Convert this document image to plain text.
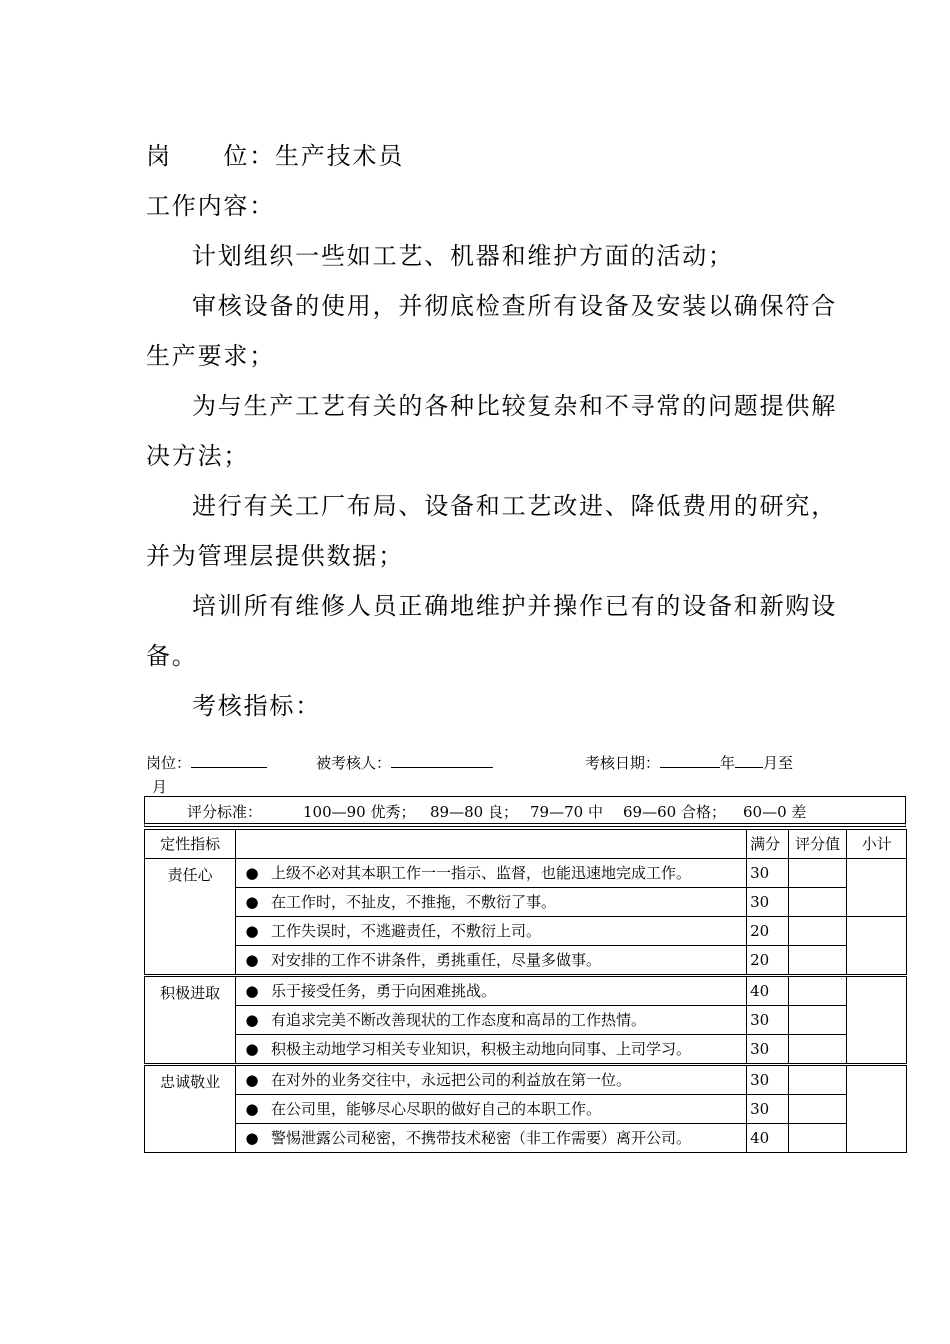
岗　　位：生产技术员
工作内容：
计划组织一些如工艺、机器和维护方面的活动；
审核设备的使用，并彻底检查所有设备及安装以确保符合
生产要求；
为与生产工艺有关的各种比较复杂和不寻常的问题提供解
决方法；
进行有关工厂布局、设备和工艺改进、降低费用的研究，
并为管理层提供数据；
培训所有维修人员正确地维护并操作已有的设备和新购设
备。
考核指标：
岗位：	被考核人：	考核日期：	年 月至
月
评分标准：	100—90 优秀； 89—80 良； 79—70 中 69—60 合格； 60—0 差
定性指标			满分	评分值	小计
责任心	●	上级不必对其本职工作一一指示、监督，也能迅速地完成工作。	30		
	●	在工作时，不扯皮，不推拖，不敷衍了事。	30		
	●	工作失误时，不逃避责任，不敷衍上司。	20		
	●	对安排的工作不讲条件，勇挑重任，尽量多做事。	20		
积极进取	●	乐于接受任务，勇于向困难挑战。	40		
	●	有追求完美不断改善现状的工作态度和高昂的工作热情。	30		
	●	积极主动地学习相关专业知识，积极主动地向同事、上司学习。	30		
忠诚敬业	●	在对外的业务交往中，永远把公司的利益放在第一位。	30		
	●	在公司里，能够尽心尽职的做好自己的本职工作。	30		
	●	警惕泄露公司秘密，不携带技术秘密（非工作需要）离开公司。	40		
